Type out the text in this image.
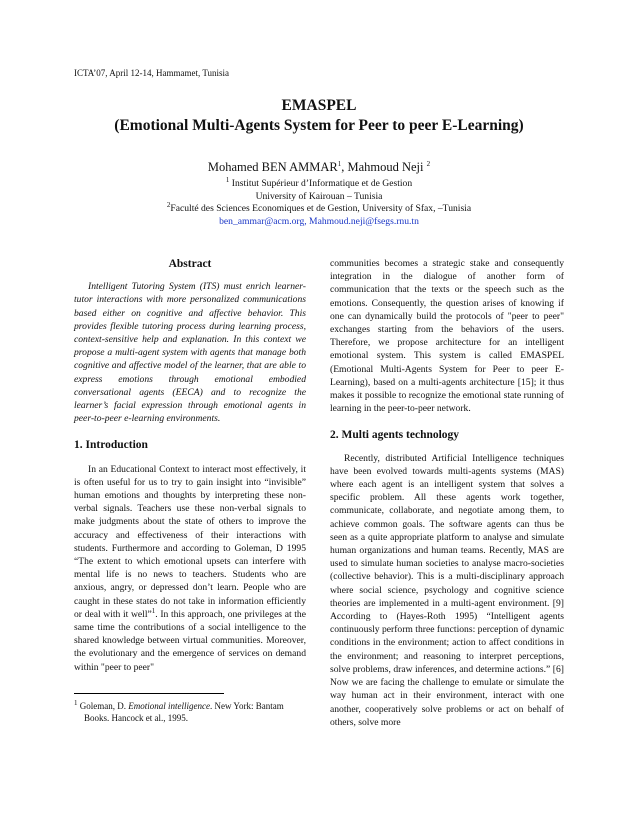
ICTA’07, April 12-14, Hammamet, Tunisia
EMASPEL
(Emotional Multi-Agents System for Peer to peer E-Learning)
Mohamed BEN AMMAR$^1$, Mahmoud Neji $^2$
$^1$ Institut Supérieur d’Informatique et de Gestion
University of Kairouan – Tunisia
$^2$Faculté des Sciences Economiques et de Gestion, University of Sfax, –Tunisia
ben_ammar@acm.org, Mahmoud.neji@fsegs.rnu.tn
Abstract

Intelligent Tutoring System (ITS) must enrich learner-tutor interactions with more personalized communications based either on cognitive and affective behavior. This provides flexible tutoring process during learning process, context-sensitive help and explanation. In this context we propose a multi-agent system with agents that manage both cognitive and affective model of the learner, that are able to express emotions through emotional embodied conversational agents (EECA) and to recognize the learner’s facial expression through emotional agents in peer-to-peer e-learning environments.

1. Introduction

In an Educational Context to interact most effectively, it is often useful for us to try to gain insight into “invisible” human emotions and thoughts by interpreting these non-verbal signals. Teachers use these non-verbal signals to make judgments about the state of others to improve the accuracy and effectiveness of their interactions with students. Furthermore and according to Goleman, D 1995 “The extent to which emotional upsets can interfere with mental life is no news to teachers. Students who are anxious, angry, or depressed don’t learn. People who are caught in these states do not take in information efficiently or deal with it well”$^1$. In this approach, one privileges at the same time the contributions of a social intelligence to the shared knowledge between virtual communities. Moreover, the evolutionary and the emergence of services on demand within "peer to peer"

$^1$ Goleman, D. Emotional intelligence. New York: Bantam
Books. Hancock et al., 1995.

communities becomes a strategic stake and consequently integration in the dialogue of another form of communication that the texts or the speech such as the emotions. Consequently, the question arises of knowing if one can dynamically build the protocols of "peer to peer" exchanges starting from the behaviors of the users. Therefore, we propose architecture for an intelligent emotional system. This system is called EMASPEL (Emotional Multi-Agents System for Peer to peer E-Learning), based on a multi-agents architecture [15]; it thus makes it possible to recognize the emotional state running of learning in the peer-to-peer network.

2. Multi agents technology

Recently, distributed Artificial Intelligence techniques have been evolved towards multi-agents systems (MAS) where each agent is an intelligent system that solves a specific problem. All these agents work together, communicate, collaborate, and negotiate among them, to achieve common goals. The software agents can thus be seen as a quite appropriate platform to analyse and simulate human organizations and human teams. Recently, MAS are used to simulate human societies to analyse macro-societies (collective behavior). This is a multi-disciplinary approach where social science, psychology and cognitive science theories are implemented in a multi-agent environment. [9] According to (Hayes-Roth 1995) “Intelligent agents continuously perform three functions: perception of dynamic conditions in the environment; action to affect conditions in the environment; and reasoning to interpret perceptions, solve problems, draw inferences, and determine actions.” [6] Now we are facing the challenge to emulate or simulate the way human act in their environment, interact with one another, cooperatively solve problems or act on behalf of others, solve more
